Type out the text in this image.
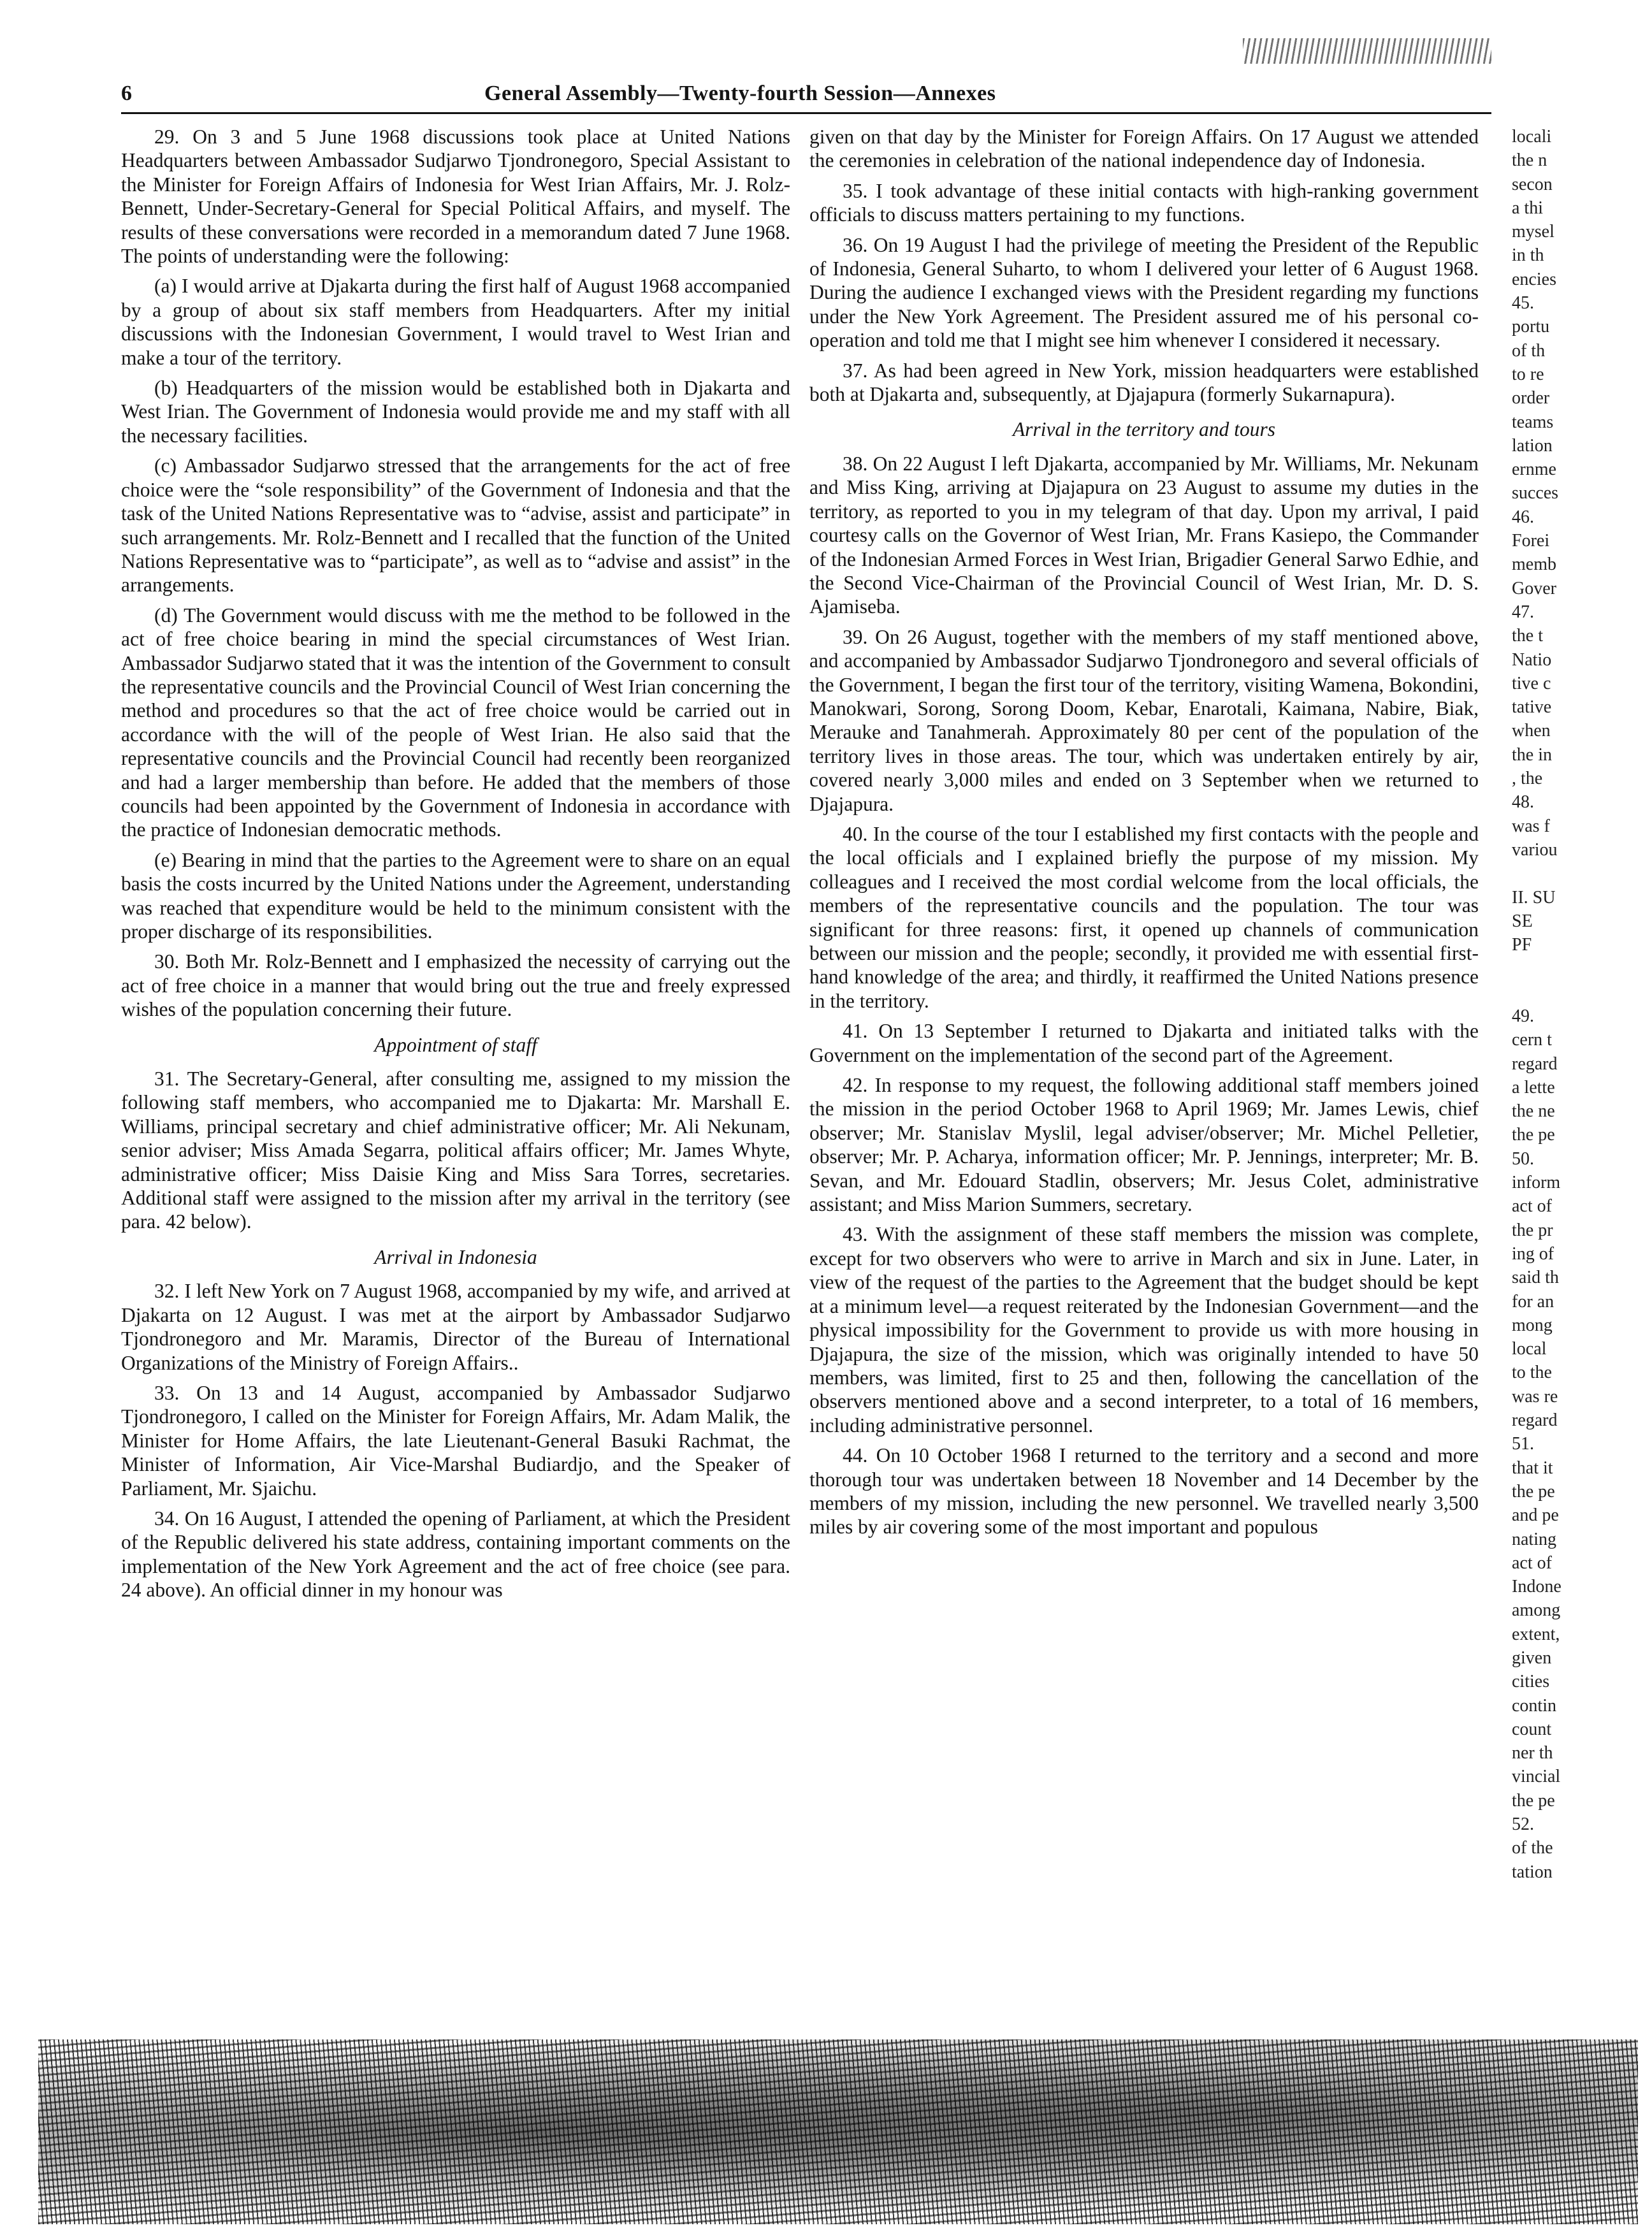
6	General Assembly—Twenty-fourth Session—Annexes

29. On 3 and 5 June 1968 discussions took place at United Nations Headquarters between Ambassador Sudjarwo Tjondronegoro, Special Assistant to the Minister for Foreign Affairs of Indonesia for West Irian Affairs, Mr. J. Rolz-Bennett, Under-Secretary-General for Special Political Affairs, and myself. The results of these conversations were recorded in a memorandum dated 7 June 1968. The points of understanding were the following:

(a) I would arrive at Djakarta during the first half of August 1968 accompanied by a group of about six staff members from Headquarters. After my initial discussions with the Indonesian Government, I would travel to West Irian and make a tour of the territory.

(b) Headquarters of the mission would be established both in Djakarta and West Irian. The Government of Indonesia would provide me and my staff with all the necessary facilities.

(c) Ambassador Sudjarwo stressed that the arrangements for the act of free choice were the “sole responsibility” of the Government of Indonesia and that the task of the United Nations Representative was to “advise, assist and participate” in such arrangements. Mr. Rolz-Bennett and I recalled that the function of the United Nations Representative was to “participate”, as well as to “advise and assist” in the arrangements.

(d) The Government would discuss with me the method to be followed in the act of free choice bearing in mind the special circumstances of West Irian. Ambassador Sudjarwo stated that it was the intention of the Government to consult the representative councils and the Provincial Council of West Irian concerning the method and procedures so that the act of free choice would be carried out in accordance with the will of the people of West Irian. He also said that the representative councils and the Provincial Council had recently been reorganized and had a larger membership than before. He added that the members of those councils had been appointed by the Government of Indonesia in accordance with the practice of Indonesian democratic methods.

(e) Bearing in mind that the parties to the Agreement were to share on an equal basis the costs incurred by the United Nations under the Agreement, understanding was reached that expenditure would be held to the minimum consistent with the proper discharge of its responsibilities.

30. Both Mr. Rolz-Bennett and I emphasized the necessity of carrying out the act of free choice in a manner that would bring out the true and freely expressed wishes of the population concerning their future.

Appointment of staff

31. The Secretary-General, after consulting me, assigned to my mission the following staff members, who accompanied me to Djakarta: Mr. Marshall E. Williams, principal secretary and chief administrative officer; Mr. Ali Nekunam, senior adviser; Miss Amada Segarra, political affairs officer; Mr. James Whyte, administrative officer; Miss Daisie King and Miss Sara Torres, secretaries. Additional staff were assigned to the mission after my arrival in the territory (see para. 42 below).

Arrival in Indonesia

32. I left New York on 7 August 1968, accompanied by my wife, and arrived at Djakarta on 12 August. I was met at the airport by Ambassador Sudjarwo Tjondronegoro and Mr. Maramis, Director of the Bureau of International Organizations of the Ministry of Foreign Affairs..

33. On 13 and 14 August, accompanied by Ambassador Sudjarwo Tjondronegoro, I called on the Minister for Foreign Affairs, Mr. Adam Malik, the Minister for Home Affairs, the late Lieutenant-General Basuki Rachmat, the Minister of Information, Air Vice-Marshal Budiardjo, and the Speaker of Parliament, Mr. Sjaichu.

34. On 16 August, I attended the opening of Parliament, at which the President of the Republic delivered his state address, containing important comments on the implementation of the New York Agreement and the act of free choice (see para. 24 above). An official dinner in my honour was

given on that day by the Minister for Foreign Affairs. On 17 August we attended the ceremonies in celebration of the national independence day of Indonesia.

35. I took advantage of these initial contacts with high-ranking government officials to discuss matters pertaining to my functions.

36. On 19 August I had the privilege of meeting the President of the Republic of Indonesia, General Suharto, to whom I delivered your letter of 6 August 1968. During the audience I exchanged views with the President regarding my functions under the New York Agreement. The President assured me of his personal co-operation and told me that I might see him whenever I considered it necessary.

37. As had been agreed in New York, mission headquarters were established both at Djakarta and, subsequently, at Djajapura (formerly Sukarnapura).

Arrival in the territory and tours

38. On 22 August I left Djakarta, accompanied by Mr. Williams, Mr. Nekunam and Miss King, arriving at Djajapura on 23 August to assume my duties in the territory, as reported to you in my telegram of that day. Upon my arrival, I paid courtesy calls on the Governor of West Irian, Mr. Frans Kasiepo, the Commander of the Indonesian Armed Forces in West Irian, Brigadier General Sarwo Edhie, and the Second Vice-Chairman of the Provincial Council of West Irian, Mr. D. S. Ajamiseba.

39. On 26 August, together with the members of my staff mentioned above, and accompanied by Ambassador Sudjarwo Tjondronegoro and several officials of the Government, I began the first tour of the territory, visiting Wamena, Bokondini, Manokwari, Sorong, Sorong Doom, Kebar, Enarotali, Kaimana, Nabire, Biak, Merauke and Tanahmerah. Approximately 80 per cent of the population of the territory lives in those areas. The tour, which was undertaken entirely by air, covered nearly 3,000 miles and ended on 3 September when we returned to Djajapura.

40. In the course of the tour I established my first contacts with the people and the local officials and I explained briefly the purpose of my mission. My colleagues and I received the most cordial welcome from the local officials, the members of the representative councils and the population. The tour was significant for three reasons: first, it opened up channels of communication between our mission and the people; secondly, it provided me with essential first-hand knowledge of the area; and thirdly, it reaffirmed the United Nations presence in the territory.

41. On 13 September I returned to Djakarta and initiated talks with the Government on the implementation of the second part of the Agreement.

42. In response to my request, the following additional staff members joined the mission in the period October 1968 to April 1969; Mr. James Lewis, chief observer; Mr. Stanislav Myslil, legal adviser/observer; Mr. Michel Pelletier, observer; Mr. P. Acharya, information officer; Mr. P. Jennings, interpreter; Mr. B. Sevan, and Mr. Edouard Stadlin, observers; Mr. Jesus Colet, administrative assistant; and Miss Marion Summers, secretary.

43. With the assignment of these staff members the mission was complete, except for two observers who were to arrive in March and six in June. Later, in view of the request of the parties to the Agreement that the budget should be kept at a minimum level—a request reiterated by the Indonesian Government—and the physical impossibility for the Government to provide us with more housing in Djajapura, the size of the mission, which was originally intended to have 50 members, was limited, first to 25 and then, following the cancellation of the observers mentioned above and a second interpreter, to a total of 16 members, including administrative personnel.

44. On 10 October 1968 I returned to the territory and a second and more thorough tour was undertaken between 18 November and 14 December by the members of my mission, including the new personnel. We travelled nearly 3,500 miles by air covering some of the most important and populous

locali
the n
secon
a thi
mysel
in th
encies
45.
portu
of th
to re
order
teams
lation
ernme
succes
46.
Forei
memb
Gover
47.
the t
Natio
tive c
tative
when
the in
, the
48.
was f
variou
II. SU
SE
PF
49.
cern t
regard
a lette
the ne
the pe
50.
inform
act of
the pr
ing of
said th
for an
mong
local
to the
was re
regard
51.
that it
the pe
and pe
nating
act of
Indone
among
extent,
given
cities
contin
count
ner th
vincial
the pe
52.
of the
tation
